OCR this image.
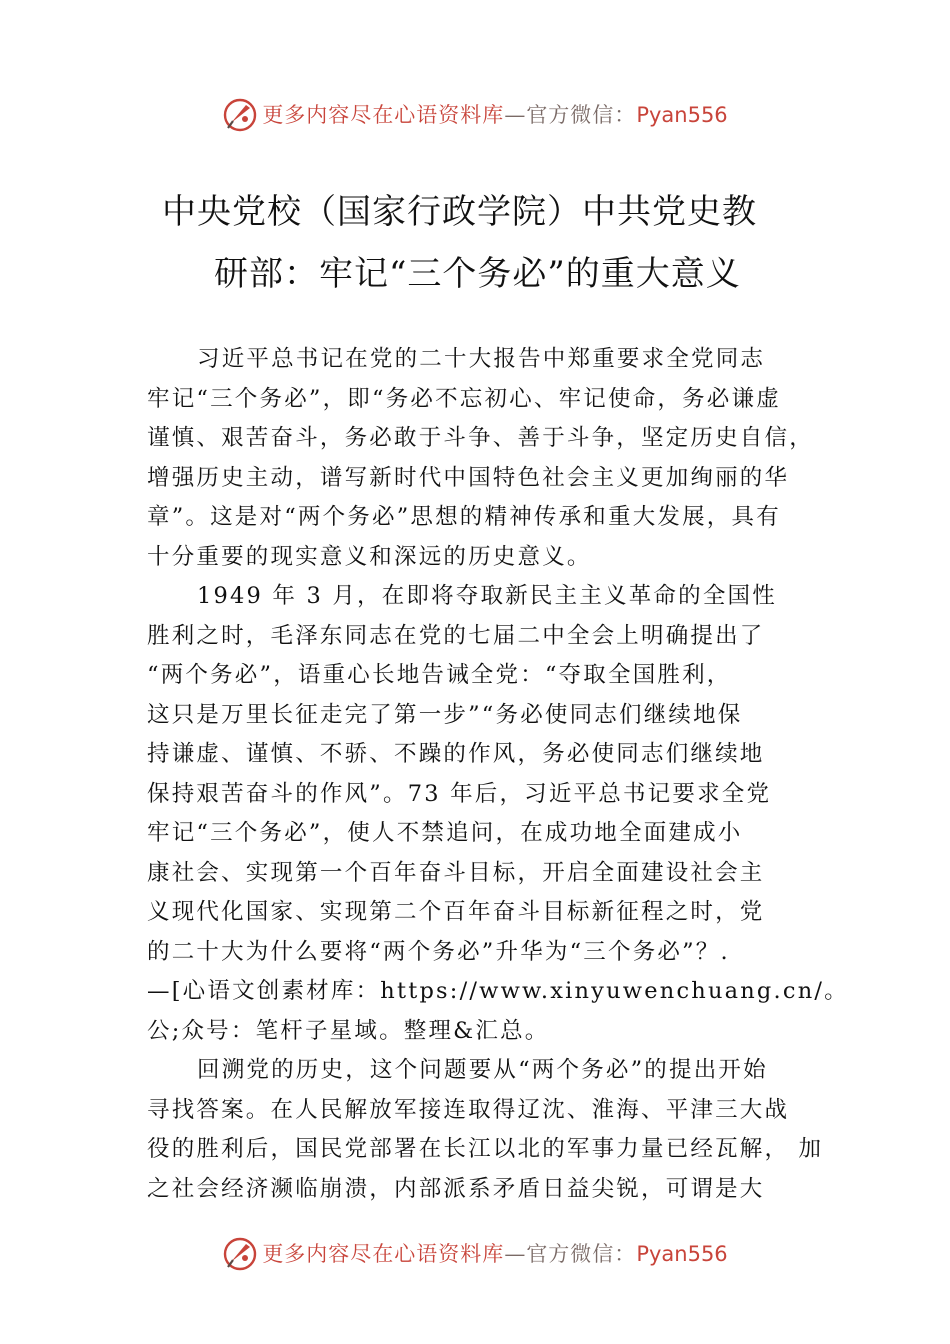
更多内容尽在心语资料库—官方微信：Pyan556
中央党校（国家行政学院）中共党史教
研部：牢记“三个务必”的重大意义

习近平总书记在党的二十大报告中郑重要求全党同志

牢记“三个务必”，即“务必不忘初心、牢记使命，务必谦虚

谨慎、艰苦奋斗，务必敢于斗争、善于斗争，坚定历史自信，

增强历史主动，谱写新时代中国特色社会主义更加绚丽的华

章”。这是对“两个务必”思想的精神传承和重大发展，具有

十分重要的现实意义和深远的历史意义。

1949 年 3 月，在即将夺取新民主主义革命的全国性

胜利之时，毛泽东同志在党的七届二中全会上明确提出了

“两个务必”，语重心长地告诫全党：“夺取全国胜利，

这只是万里长征走完了第一步”“务必使同志们继续地保

持谦虚、谨慎、不骄、不躁的作风，务必使同志们继续地

保持艰苦奋斗的作风”。73 年后，习近平总书记要求全党

牢记“三个务必”，使人不禁追问，在成功地全面建成小

康社会、实现第一个百年奋斗目标，开启全面建设社会主

义现代化国家、实现第二个百年奋斗目标新征程之时，党

的二十大为什么要将“两个务必”升华为“三个务必”？.

—[心语文创素材库：https://www.xinyuwenchuang.cn/。

公;众号：笔杆子星域。整理&汇总。

回溯党的历史，这个问题要从“两个务必”的提出开始

寻找答案。在人民解放军接连取得辽沈、淮海、平津三大战

役的胜利后，国民党部署在长江以北的军事力量已经瓦解， 加

之社会经济濒临崩溃，内部派系矛盾日益尖锐，可谓是大

更多内容尽在心语资料库—官方微信：Pyan556
